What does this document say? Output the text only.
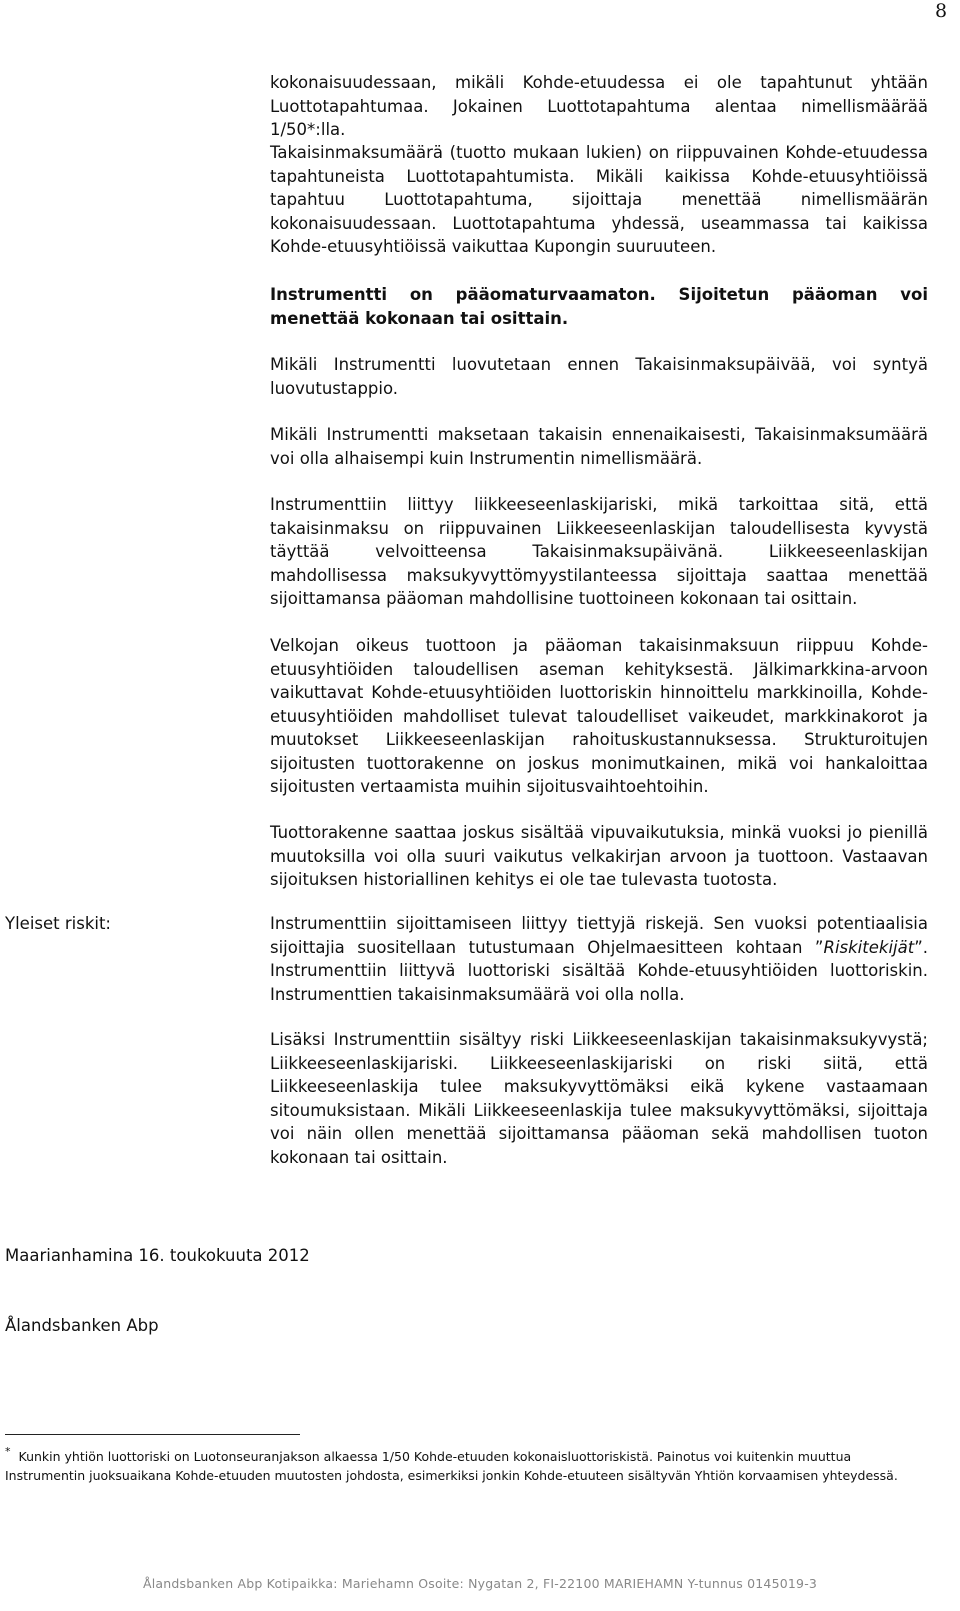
8

kokonaisuudessaan, mikäli Kohde-etuudessa ei ole tapahtunut yhtään Luottotapahtumaa. Jokainen Luottotapahtuma alentaa nimellismäärää 1/50*:lla.

Takaisinmaksumäärä (tuotto mukaan lukien) on riippuvainen Kohde-etuudessa tapahtuneista Luottotapahtumista. Mikäli kaikissa Kohde-etuusyhtiöissä tapahtuu Luottotapahtuma, sijoittaja menettää nimellismäärän kokonaisuudessaan. Luottotapahtuma yhdessä, useammassa tai kaikissa Kohde-etuusyhtiöissä vaikuttaa Kupongin suuruuteen.

Instrumentti on pääomaturvaamaton. Sijoitetun pääoman voi menettää kokonaan tai osittain.

Mikäli Instrumentti luovutetaan ennen Takaisinmaksupäivää, voi syntyä luovutustappio.

Mikäli Instrumentti maksetaan takaisin ennenaikaisesti, Takaisinmaksumäärä voi olla alhaisempi kuin Instrumentin nimellismäärä.

Instrumenttiin liittyy liikkeeseenlaskijariski, mikä tarkoittaa sitä, että takaisinmaksu on riippuvainen Liikkeeseenlaskijan taloudellisesta kyvystä täyttää velvoitteensa Takaisinmaksupäivänä. Liikkeeseenlaskijan mahdollisessa maksukyvyttömyystilanteessa sijoittaja saattaa menettää sijoittamansa pääoman mahdollisine tuottoineen kokonaan tai osittain.

Velkojan oikeus tuottoon ja pääoman takaisinmaksuun riippuu Kohde-etuusyhtiöiden taloudellisen aseman kehityksestä. Jälkimarkkina-arvoon vaikuttavat Kohde-etuusyhtiöiden luottoriskin hinnoittelu markkinoilla, Kohde-etuusyhtiöiden mahdolliset tulevat taloudelliset vaikeudet, markkinakorot ja muutokset Liikkeeseenlaskijan rahoituskustannuksessa. Strukturoitujen sijoitusten tuottorakenne on joskus monimutkainen, mikä voi hankaloittaa sijoitusten vertaamista muihin sijoitusvaihtoehtoihin.

Tuottorakenne saattaa joskus sisältää vipuvaikutuksia, minkä vuoksi jo pienillä muutoksilla voi olla suuri vaikutus velkakirjan arvoon ja tuottoon. Vastaavan sijoituksen historiallinen kehitys ei ole tae tulevasta tuotosta.

Instrumenttiin sijoittamiseen liittyy tiettyjä riskejä. Sen vuoksi potentiaalisia sijoittajia suositellaan tutustumaan Ohjelmaesitteen kohtaan ”Riskitekijät”. Instrumenttiin liittyvä luottoriski sisältää Kohde-etuusyhtiöiden luottoriskin. Instrumenttien takaisinmaksumäärä voi olla nolla.

Lisäksi Instrumenttiin sisältyy riski Liikkeeseenlaskijan takaisinmaksukyvystä; Liikkeeseenlaskijariski. Liikkeeseenlaskijariski on riski siitä, että Liikkeeseenlaskija tulee maksukyvyttömäksi eikä kykene vastaamaan sitoumuksistaan. Mikäli Liikkeeseenlaskija tulee maksukyvyttömäksi, sijoittaja voi näin ollen menettää sijoittamansa pääoman sekä mahdollisen tuoton kokonaan tai osittain.

Yleiset riskit:
Maarianhamina 16. toukokuuta 2012
Ålandsbanken Abp
* Kunkin yhtiön luottoriski on Luotonseuranjakson alkaessa 1/50 Kohde-etuuden kokonaisluottoriskistä. Painotus voi kuitenkin muuttua Instrumentin juoksuaikana Kohde-etuuden muutosten johdosta, esimerkiksi jonkin Kohde-etuuteen sisältyvän Yhtiön korvaamisen yhteydessä.
Ålandsbanken Abp Kotipaikka: Mariehamn Osoite: Nygatan 2, FI-22100 MARIEHAMN Y-tunnus 0145019-3
